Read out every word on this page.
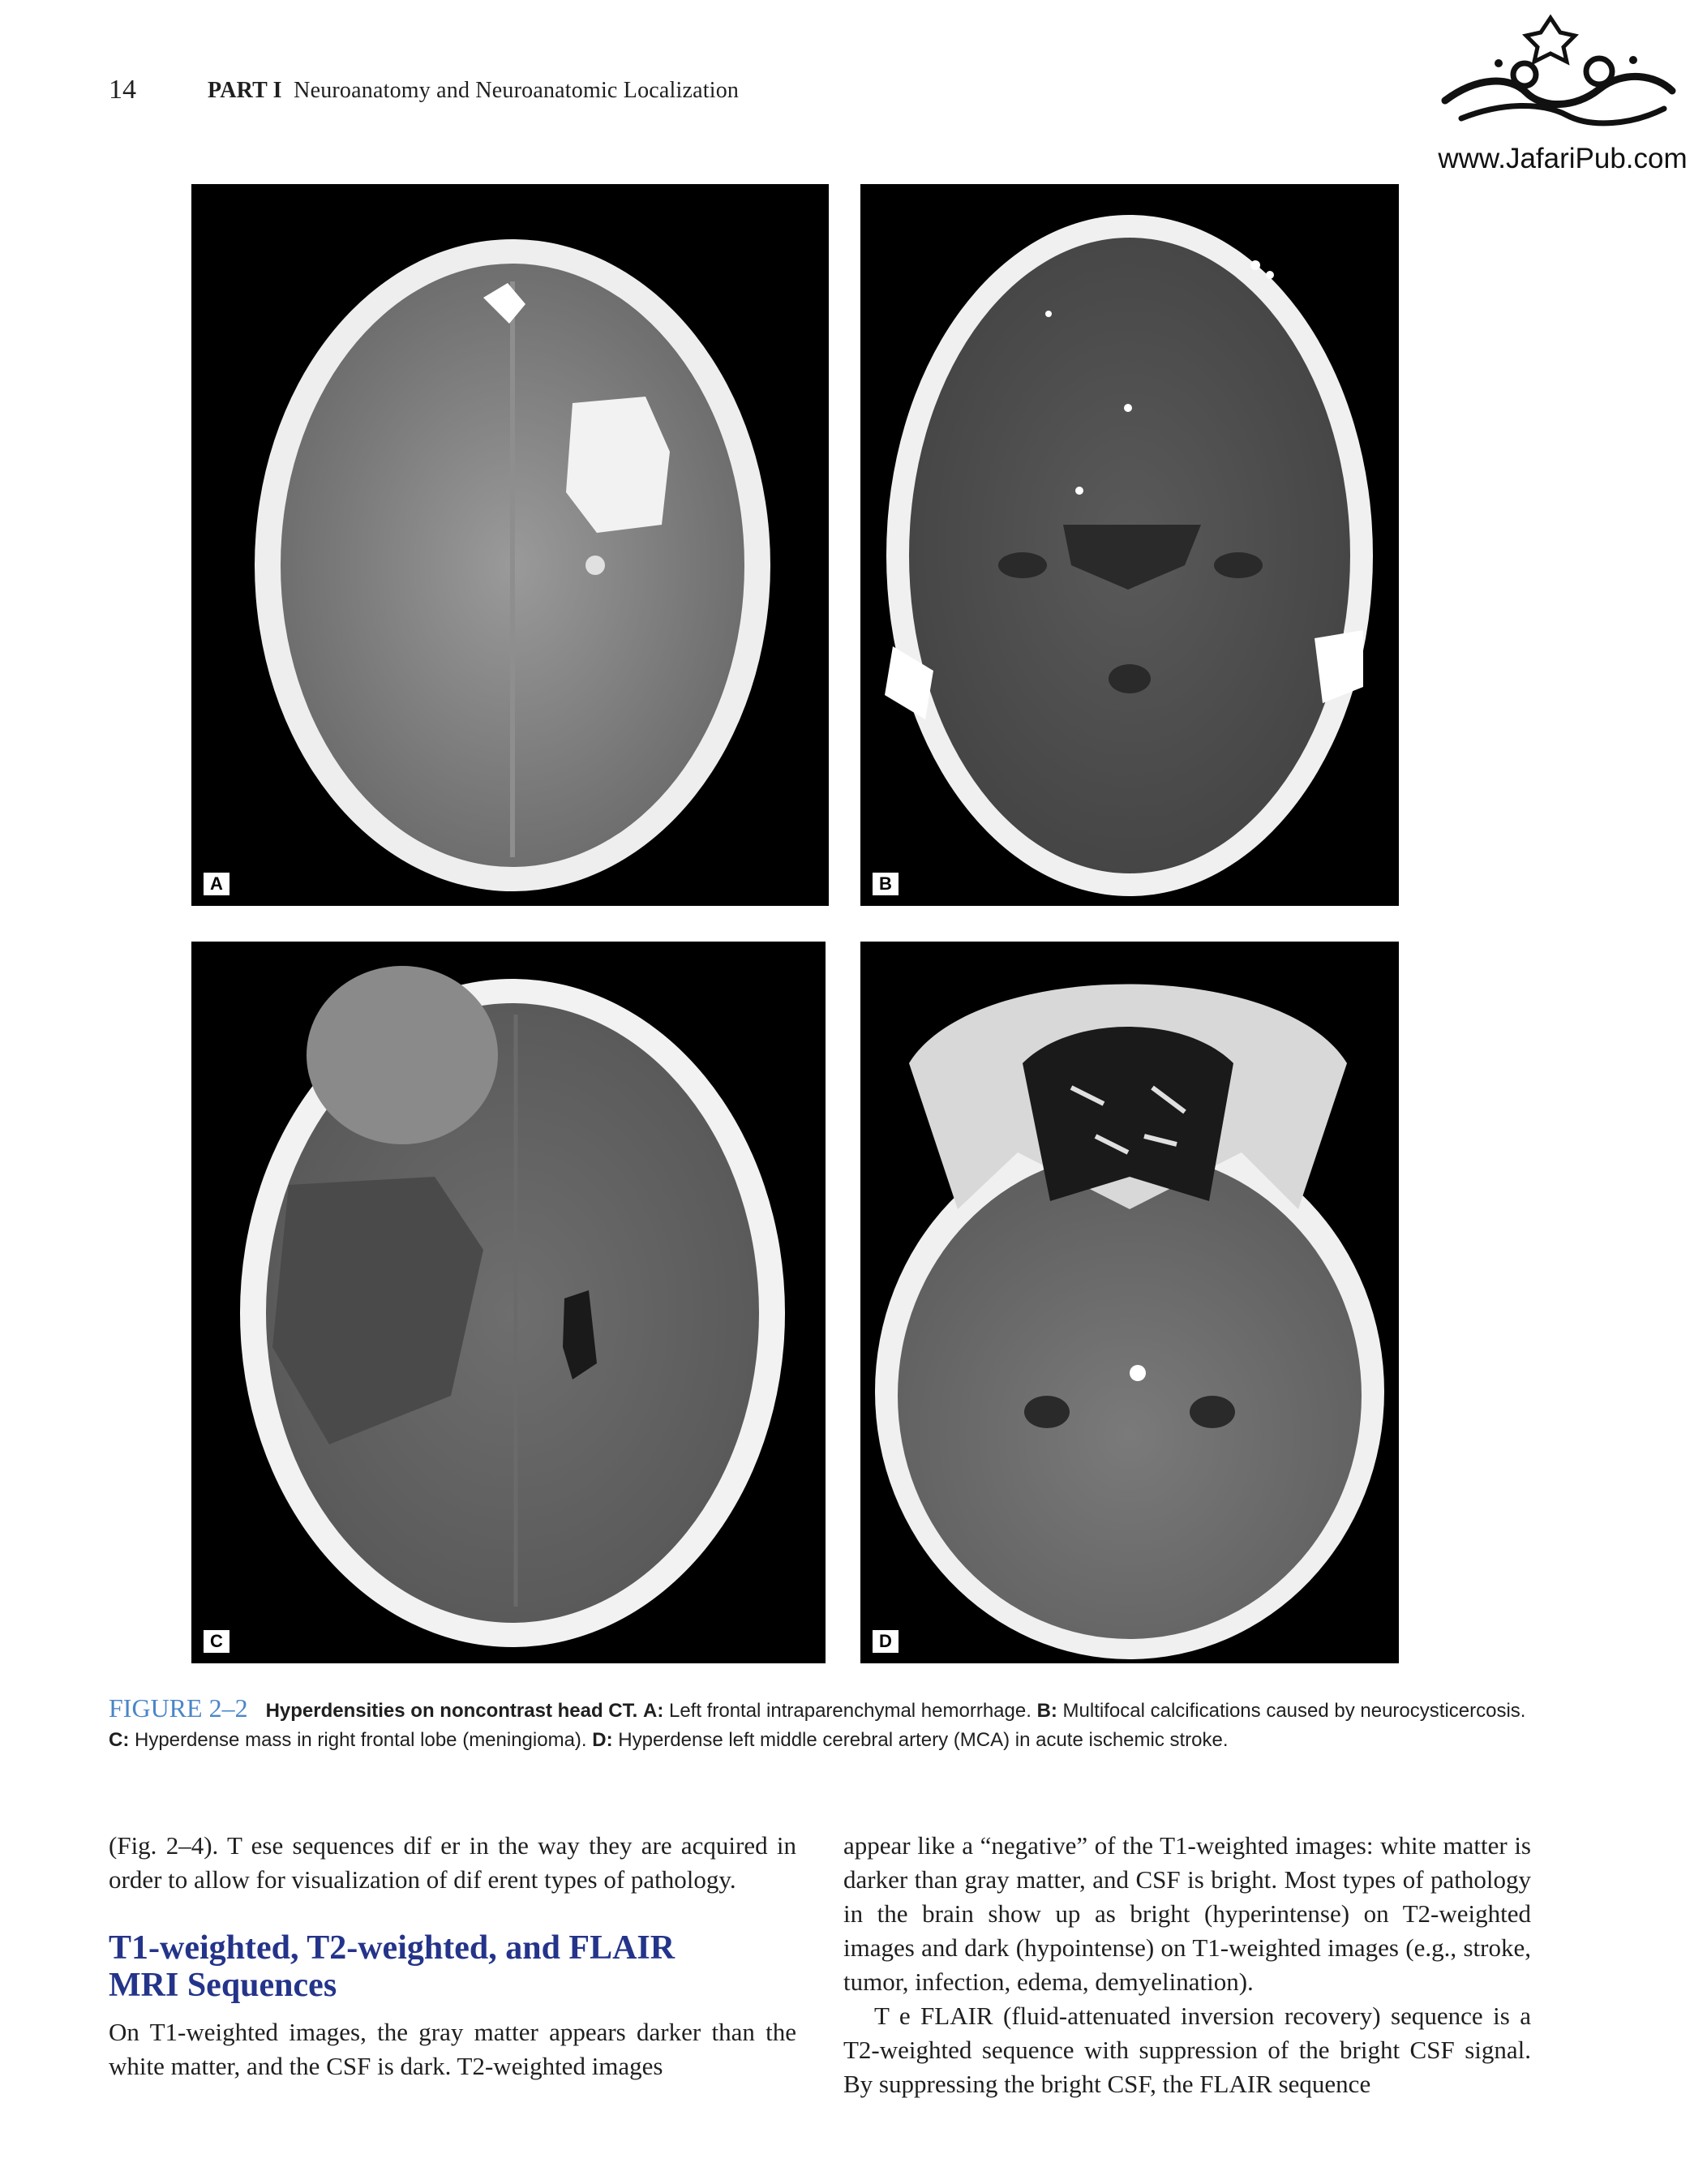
14	PART I Neuroanatomy and Neuroanatomic Localization
www.JafariPub.com
A	B
C	D
FIGURE 2–2 Hyperdensities on noncontrast head CT. A: Left frontal intraparenchymal hemorrhage. B: Multifocal calcifications caused by neurocysticercosis. C: Hyperdense mass in right frontal lobe (meningioma). D: Hyperdense left middle cerebral artery (MCA) in acute ischemic stroke.

(Fig. 2–4). T ese sequences dif er in the way they are acquired in order to allow for visualization of dif erent types of pathology.

T1-weighted, T2-weighted, and FLAIR
MRI Sequences

On T1-weighted images, the gray matter appears darker than the white matter, and the CSF is dark. T2-weighted images

appear like a “negative” of the T1-weighted images: white matter is darker than gray matter, and CSF is bright. Most types of pathology in the brain show up as bright (hyperintense) on T2-weighted images and dark (hypointense) on T1-weighted images (e.g., stroke, tumor, infection, edema, demyelination).

T e FLAIR (fluid-attenuated inversion recovery) sequence is a T2-weighted sequence with suppression of the bright CSF signal. By suppressing the bright CSF, the FLAIR sequence
